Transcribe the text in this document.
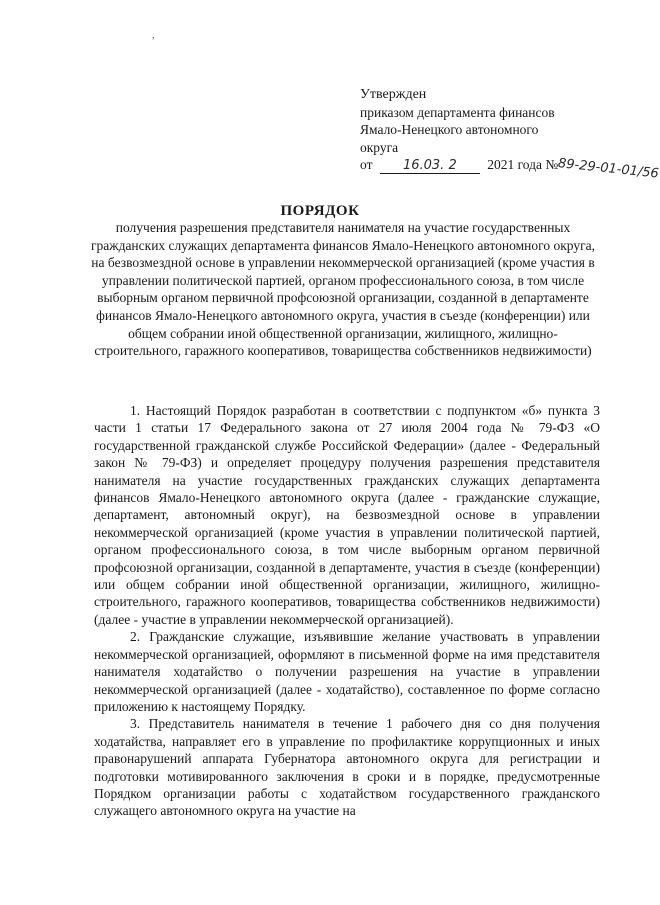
,
Утвержден
приказом департамента финансов
Ямало-Ненецкого автономного
округа
от 16.03. 2 2021 года №89-29-01-01/56
ПОРЯДОК
получения разрешения представителя нанимателя на участие государственных гражданских служащих департамента финансов Ямало-Ненецкого автономного округа, на безвозмездной основе в управлении некоммерческой организацией (кроме участия в управлении политической партией, органом профессионального союза, в том числе выборным органом первичной профсоюзной организации, созданной в департаменте финансов Ямало-Ненецкого автономного округа, участия в съезде (конференции) или общем собрании иной общественной организации, жилищного, жилищно-строительного, гаражного кооперативов, товарищества собственников недвижимости)

1. Настоящий Порядок разработан в соответствии с подпунктом «б» пункта 3 части 1 статьи 17 Федерального закона от 27 июля 2004 года № 79-ФЗ «О государственной гражданской службе Российской Федерации» (далее - Федеральный закон № 79-ФЗ) и определяет процедуру получения разрешения представителя нанимателя на участие государственных гражданских служащих департамента финансов Ямало-Ненецкого автономного округа (далее - гражданские служащие, департамент, автономный округ), на безвозмездной основе в управлении некоммерческой организацией (кроме участия в управлении политической партией, органом профессионального союза, в том числе выборным органом первичной профсоюзной организации, созданной в департаменте, участия в съезде (конференции) или общем собрании иной общественной организации, жилищного, жилищно-строительного, гаражного кооперативов, товарищества собственников недвижимости) (далее - участие в управлении некоммерческой организацией).

2. Гражданские служащие, изъявившие желание участвовать в управлении некоммерческой организацией, оформляют в письменной форме на имя представителя нанимателя ходатайство о получении разрешения на участие в управлении некоммерческой организацией (далее - ходатайство), составленное по форме согласно приложению к настоящему Порядку.

3. Представитель нанимателя в течение 1 рабочего дня со дня получения ходатайства, направляет его в управление по профилактике коррупционных и иных правонарушений аппарата Губернатора автономного округа для регистрации и подготовки мотивированного заключения в сроки и в порядке, предусмотренные Порядком организации работы с ходатайством государственного гражданского служащего автономного округа на участие на
